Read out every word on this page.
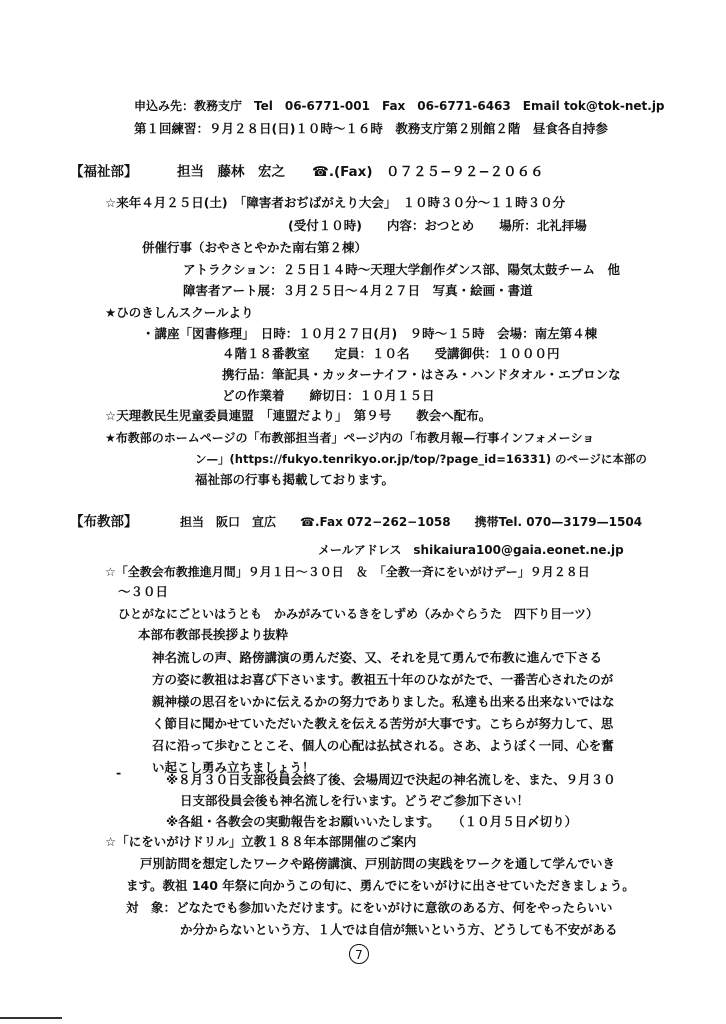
申込み先：教務支庁　Tel　06-6771-001　Fax　06-6771-6463　Email tok@tok-net.jp
第１回練習：９月２８日(日)１０時〜１６時　教務支庁第２別館２階　昼食各自持参
【福祉部】	担当　藤林　宏之　　☎.(Fax)　０７２５−９２−２０６６
☆来年４月２５日(土)　「障害者おぢばがえり大会」　１０時３０分〜１１時３０分
(受付１０時)　　内容：おつとめ　　場所：北礼拝場
併催行事（おやさとやかた南右第２棟）
アトラクション：２５日１４時〜天理大学創作ダンス部、陽気太鼓チーム　他
障害者アート展：３月２５日〜４月２７日　写真・絵画・書道
★ひのきしんスクールより
・講座「図書修理」　日時：１０月２７日(月)　９時〜１５時　会場：南左第４棟
４階１８番教室　　定員：１０名　　受講御供：１０００円
携行品：筆記具・カッターナイフ・はさみ・ハンドタオル・エプロンな
どの作業着　　締切日：１０月１５日
☆天理教民生児童委員連盟　「連盟だより」　第９号　　教会へ配布。
★布教部のホームページの「布教部担当者」ページ内の「布教月報—行事インフォメーショ
ン—」(https://fukyo.tenrikyo.or.jp/top/?page_id=16331) のページに本部の
福祉部の行事も掲載しております。
【布教部】	担当　阪口　宣広　　☎.Fax 072−262−1058　　携帯Tel. 070—3179—1504
メールアドレス　shikaiura100@gaia.eonet.ne.jp
☆「全教会布教推進月間」９月１日〜３０日　＆　「全教一斉にをいがけデー」９月２８日
〜３０日
ひとがなにごといはうとも　かみがみているきをしずめ（みかぐらうた　四下り目一ツ）
本部布教部長挨拶より抜粋
神名流しの声、路傍講演の勇んだ姿、又、それを見て勇んで布教に進んで下さる
方の姿に教祖はお喜び下さいます。教祖五十年のひながたで、一番苦心されたのが
親神様の思召をいかに伝えるかの努力でありました。私達も出来る出来ないではな
く節目に聞かせていただいた教えを伝える苦労が大事です。こちらが努力して、思
召に沿って歩むことこそ、個人の心配は払拭される。さあ、ようぼく一同、心を奮
い起こし勇み立ちましょう！
-	※８月３０日支部役員会終了後、会場周辺で決起の神名流しを、また、９月３０
日支部役員会後も神名流しを行います。どうぞご参加下さい！
※各組・各教会の実動報告をお願いいたします。　　（１０月５日〆切り）
☆「にをいがけドリル」立教１８８年本部開催のご案内
戸別訪問を想定したワークや路傍講演、戸別訪問の実践をワークを通して学んでいき
ます。教祖 140 年祭に向かうこの旬に、勇んでにをいがけに出させていただきましょう。
対　象：どなたでも参加いただけます。にをいがけに意欲のある方、何をやったらいい
か分からないという方、１人では自信が無いという方、どうしても不安がある
7
